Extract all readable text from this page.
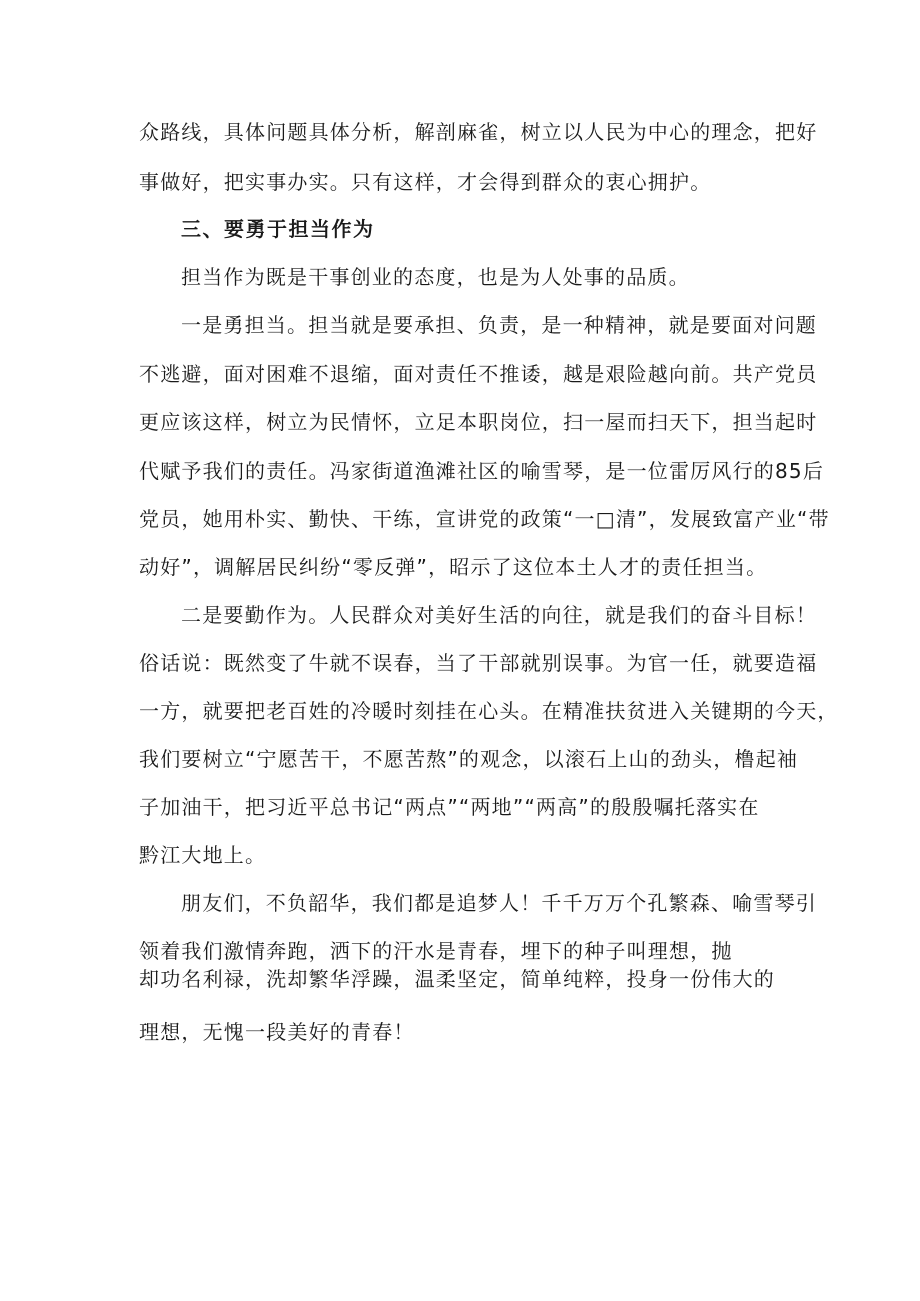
众路线，具体问题具体分析，解剖麻雀，树立以人民为中心的理念，把好
事做好，把实事办实。只有这样，才会得到群众的衷心拥护。
三、要勇于担当作为
担当作为既是干事创业的态度，也是为人处事的品质。
一是勇担当。担当就是要承担、负责，是一种精神，就是要面对问题
不逃避，面对困难不退缩，面对责任不推诿，越是艰险越向前。共产党员
更应该这样，树立为民情怀，立足本职岗位，扫一屋而扫天下，担当起时
代赋予我们的责任。冯家街道渔滩社区的喻雪琴，是一位雷厉风行的85后
党员，她用朴实、勤快、干练，宣讲党的政策“一□清”，发展致富产业“带
动好”，调解居民纠纷“零反弹”，昭示了这位本土人才的责任担当。
二是要勤作为。人民群众对美好生活的向往，就是我们的奋斗目标！
俗话说：既然变了牛就不误春，当了干部就别误事。为官一任，就要造福
一方，就要把老百姓的冷暖时刻挂在心头。在精准扶贫进入关键期的今天，
我们要树立“宁愿苦干，不愿苦熬”的观念，以滚石上山的劲头，橹起袖
子加油干，把习近平总书记“两点”“两地”“两高”的殷殷嘱托落实在
黔江大地上。
朋友们，不负韶华，我们都是追梦人！千千万万个孔繁森、喻雪琴引
领着我们激情奔跑，洒下的汗水是青春，埋下的种子叫理想，抛
却功名利禄，洗却繁华浮躁，温柔坚定，简单纯粹，投身一份伟大的
理想，无愧一段美好的青春！
